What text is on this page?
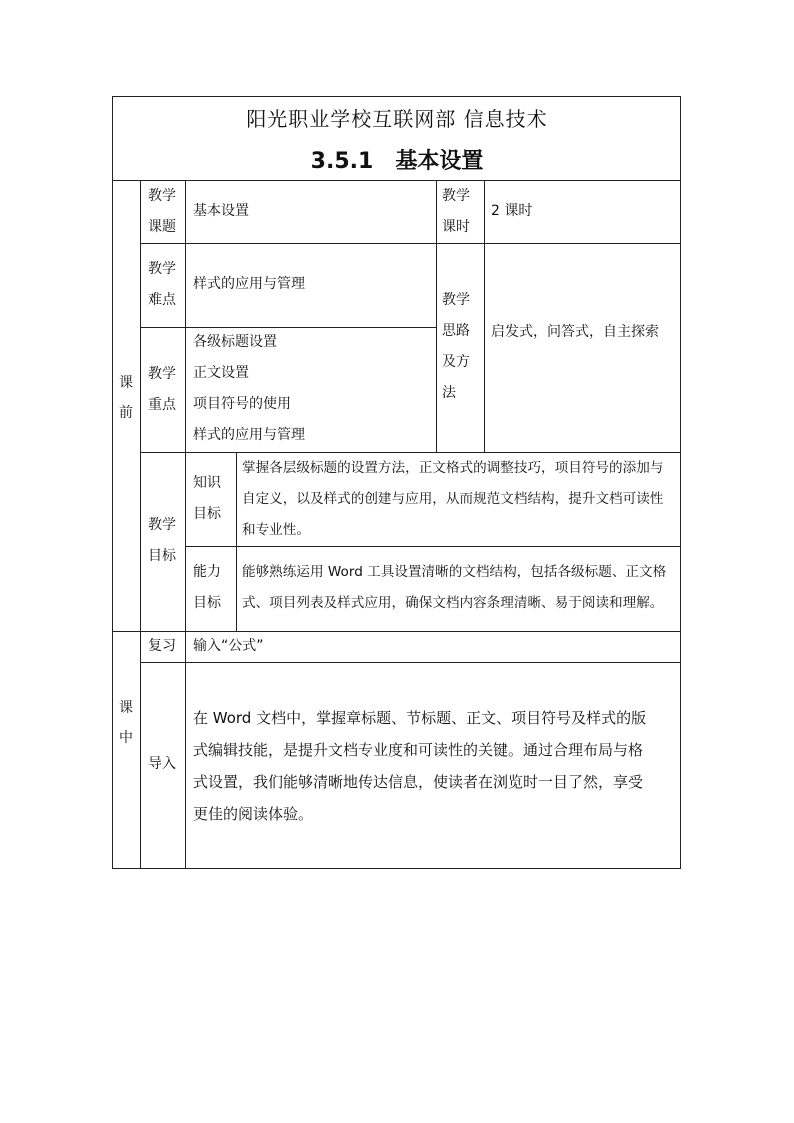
阳光职业学校互联网部 信息技术
3.5.1 基本设置
课
前
教学
课题
基本设置
教学
课时
2 课时
教学
难点
样式的应用与管理
教学
思路
及方
法
启发式，问答式，自主探索
教学
重点
各级标题设置
正文设置
项目符号的使用
样式的应用与管理
教学
目标
知识
目标
掌握各层级标题的设置方法，正文格式的调整技巧，项目符号的添加与
自定义，以及样式的创建与应用，从而规范文档结构，提升文档可读性
和专业性。
能力
目标
能够熟练运用 Word 工具设置清晰的文档结构，包括各级标题、正文格
式、项目列表及样式应用，确保文档内容条理清晰、易于阅读和理解。
课
中
复习 输入“公式”
导入
在 Word 文档中，掌握章标题、节标题、正文、项目符号及样式的版
式编辑技能，是提升文档专业度和可读性的关键。通过合理布局与格
式设置，我们能够清晰地传达信息，使读者在浏览时一目了然，享受
更佳的阅读体验。
